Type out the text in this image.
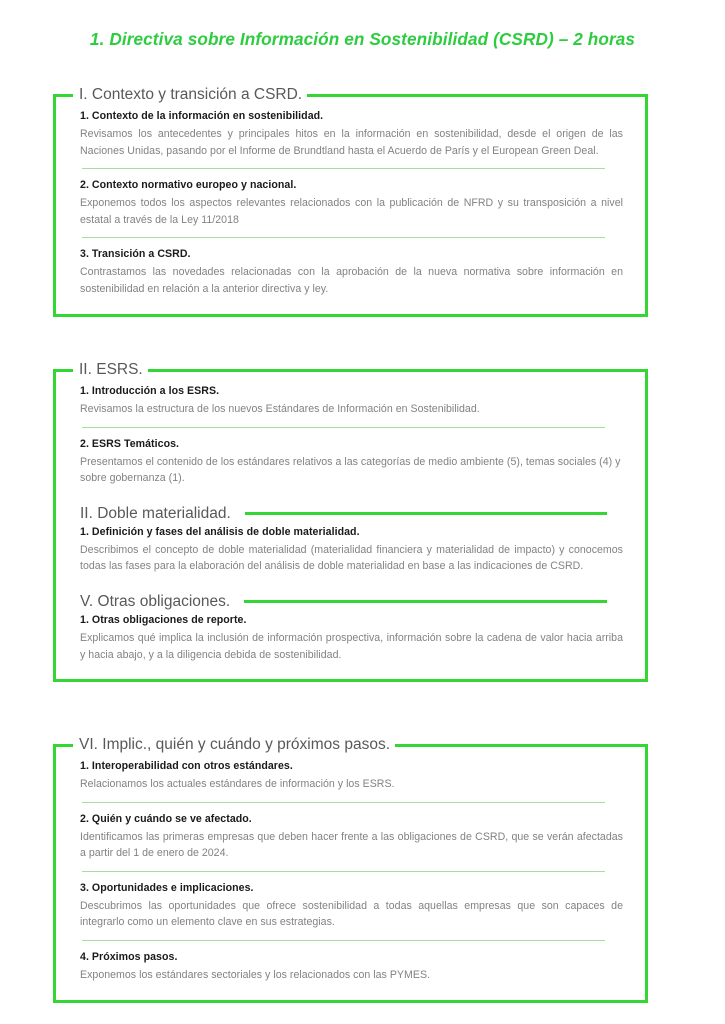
1. Directiva sobre Información en Sostenibilidad (CSRD) – 2 horas
I. Contexto y transición a CSRD.
1. Contexto de la información en sostenibilidad.
Revisamos los antecedentes y principales hitos en la información en sostenibilidad, desde el origen de las Naciones Unidas, pasando por el Informe de Brundtland hasta el Acuerdo de París y el European Green Deal.
2. Contexto normativo europeo y nacional.
Exponemos todos los aspectos relevantes relacionados con la publicación de NFRD y su transposición a nivel estatal a través de la Ley 11/2018
3. Transición a CSRD.
Contrastamos las novedades relacionadas con la aprobación de la nueva normativa sobre información en sostenibilidad en relación a la anterior directiva y ley.
II. ESRS.
1. Introducción a los ESRS.
Revisamos la estructura de los nuevos Estándares de Información en Sostenibilidad.
2. ESRS Temáticos.
Presentamos el contenido de los estándares relativos a las categorías de medio ambiente (5), temas sociales (4) y sobre gobernanza (1).
II. Doble materialidad.
1. Definición y fases del análisis de doble materialidad.
Describimos el concepto de doble materialidad (materialidad financiera y materialidad de impacto) y conocemos todas las fases para la elaboración del análisis de doble materialidad en base a las indicaciones de CSRD.
V. Otras obligaciones.
1. Otras obligaciones de reporte.
Explicamos qué implica la inclusión de información prospectiva, información sobre la cadena de valor hacia arriba y hacia abajo, y a la diligencia debida de sostenibilidad.
VI. Implic., quién y cuándo y próximos pasos.
1. Interoperabilidad con otros estándares.
Relacionamos los actuales estándares de información y los ESRS.
2. Quién y cuándo se ve afectado.
Identificamos las primeras empresas que deben hacer frente a las obligaciones de CSRD, que se verán afectadas a partir del 1 de enero de 2024.
3. Oportunidades e implicaciones.
Descubrimos las oportunidades que ofrece sostenibilidad a todas aquellas empresas que son capaces de integrarlo como un elemento clave en sus estrategias.
4. Próximos pasos.
Exponemos los estándares sectoriales y los relacionados con las PYMES.
